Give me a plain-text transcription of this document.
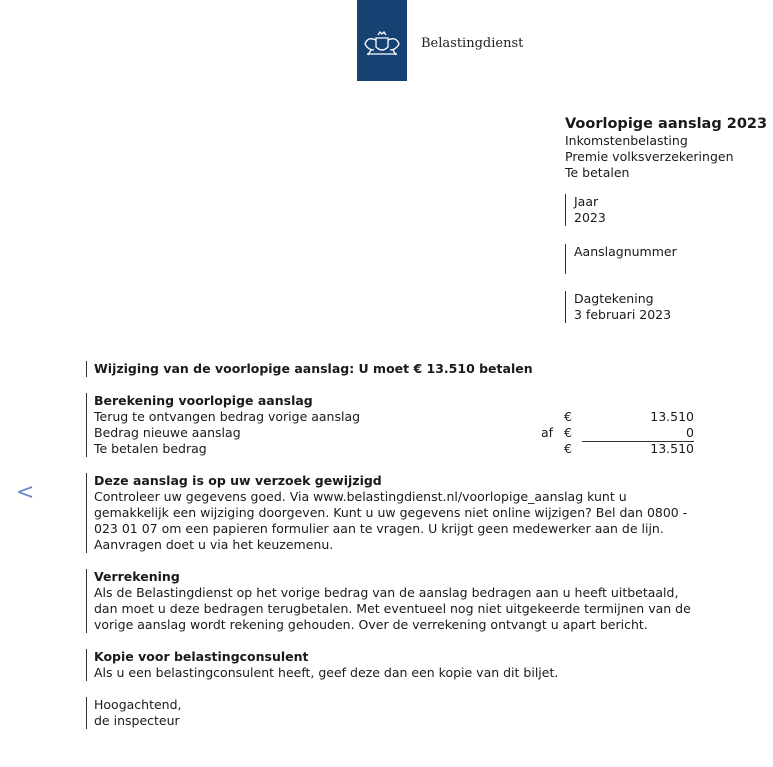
Belastingdienst
Voorlopige aanslag 2023
Inkomstenbelasting
Premie volksverzekeringen
Te betalen
Jaar
2023
Aanslagnummer

Dagtekening
3 februari 2023
<
Wijziging van de voorlopige aanslag: U moet € 13.510 betalen
Berekening voorlopige aanslag
Terug te ontvangen bedrag vorige aanslag	€	13.510
Bedrag nieuwe aanslag	af €	0
Te betalen bedrag	€	13.510
Deze aanslag is op uw verzoek gewijzigd
Controleer uw gegevens goed. Via www.belastingdienst.nl/voorlopige_aanslag kunt u gemakkelijk een wijziging doorgeven. Kunt u uw gegevens niet online wijzigen? Bel dan 0800 - 023 01 07 om een papieren formulier aan te vragen. U krijgt geen medewerker aan de lijn. Aanvragen doet u via het keuzemenu.
Verrekening
Als de Belastingdienst op het vorige bedrag van de aanslag bedragen aan u heeft uitbetaald, dan moet u deze bedragen terugbetalen. Met eventueel nog niet uitgekeerde termijnen van de vorige aanslag wordt rekening gehouden. Over de verrekening ontvangt u apart bericht.
Kopie voor belastingconsulent
Als u een belastingconsulent heeft, geef deze dan een kopie van dit biljet.
Hoogachtend,
de inspecteur
